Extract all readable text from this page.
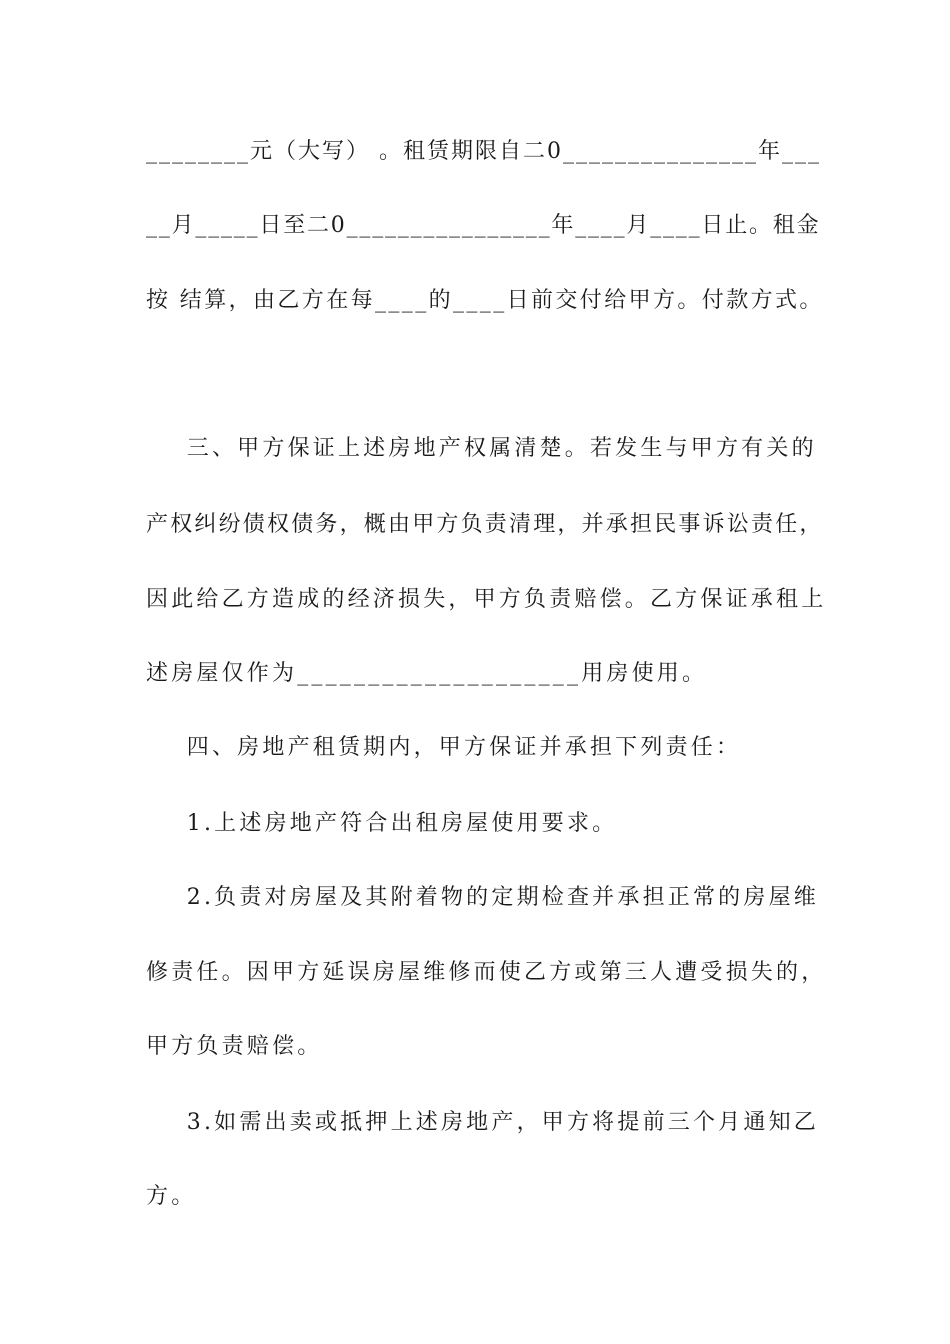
________元（大写） 。租赁期限自二0_______________年___
__月_____日至二0________________年____月____日止。租金
按 结算，由乙方在每____的____日前交付给甲方。付款方式。
三、甲方保证上述房地产权属清楚。若发生与甲方有关的
产权纠纷债权债务，概由甲方负责清理，并承担民事诉讼责任，
因此给乙方造成的经济损失，甲方负责赔偿。乙方保证承租上
述房屋仅作为____________________用房使用。
四、房地产租赁期内，甲方保证并承担下列责任：
1.上述房地产符合出租房屋使用要求。
2.负责对房屋及其附着物的定期检查并承担正常的房屋维
修责任。因甲方延误房屋维修而使乙方或第三人遭受损失的，
甲方负责赔偿。
3.如需出卖或抵押上述房地产，甲方将提前三个月通知乙
方。
